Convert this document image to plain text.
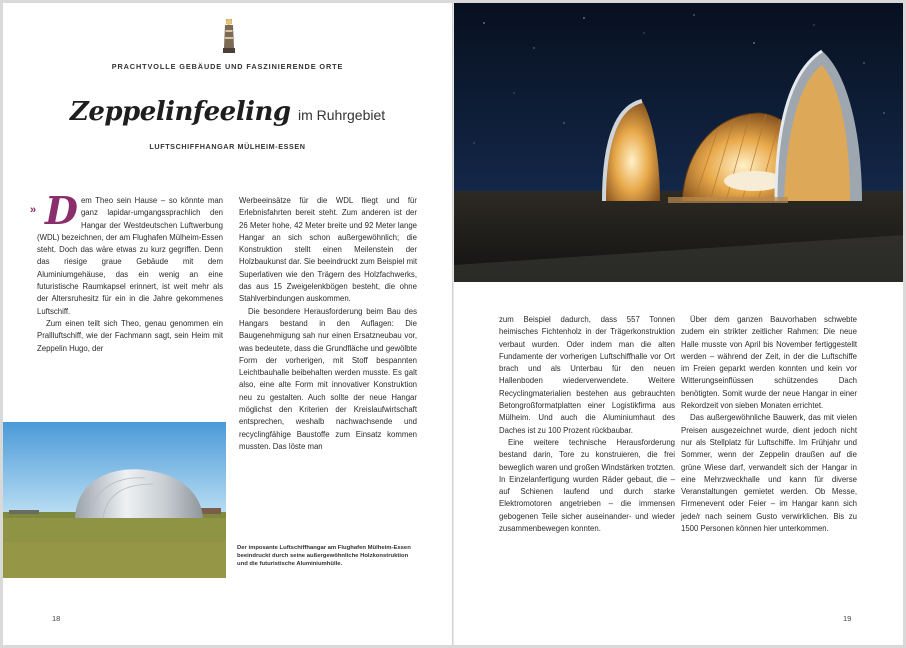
PRACHTVOLLE GEBÄUDE UND FASZINIERENDE ORTE
Zeppelinfeeling im Ruhrgebiet
LUFTSCHIFFHANGAR MÜLHEIM-ESSEN
» Dem Theo sein Hause – so könnte man ganz lapidar-umgangssprachlich den Hangar der Westdeutschen Luftwerbung (WDL) bezeichnen, der am Flughafen Mülheim-Essen steht. Doch das wäre etwas zu kurz gegriffen. Denn das riesige graue Gebäude mit dem Aluminiumgehäuse, das ein wenig an eine futuristische Raumkapsel erinnert, ist weit mehr als der Altersruhesitz für ein in die Jahre gekommenes Luftschiff.

Zum einen teilt sich Theo, genau genommen ein Prallluftschiff, wie der Fachmann sagt, sein Heim mit Zeppelin Hugo, der

Werbeeinsätze für die WDL fliegt und für Erlebnisfahrten bereit steht. Zum anderen ist der 26 Meter hohe, 42 Meter breite und 92 Meter lange Hangar an sich schon außergewöhnlich; die Konstruktion stellt einen Meilenstein der Holzbaukunst dar. Sie beeindruckt zum Beispiel mit Superlativen wie den Trägern des Holzfachwerks, das aus 15 Zweigelenkbögen besteht, die ohne Stahlverbindungen auskommen.

Die besondere Herausforderung beim Bau des Hangars bestand in den Auflagen: Die Baugenehmigung sah nur einen Ersatzneubau vor, was bedeutete, dass die Grundfläche und gewölbte Form der vorherigen, mit Stoff bespannten Leichtbauhalle beibehalten werden musste. Es galt also, eine alte Form mit innovativer Konstruktion neu zu gestalten. Auch sollte der neue Hangar möglichst den Kriterien der Kreislaufwirtschaft entsprechen, weshalb nachwachsende und recyclingfähige Baustoffe zum Einsatz kommen mussten. Das löste man

Der imposante Luftschiffhangar am Flughafen Mülheim-Essen beeindruckt durch seine außergewöhnliche Holzkonstruktion und die futuristische Aluminiumhülle.
18

zum Beispiel dadurch, dass 557 Tonnen heimisches Fichtenholz in der Trägerkonstruktion verbaut wurden. Oder indem man die alten Fundamente der vorherigen Luftschiffhalle vor Ort brach und als Unterbau für den neuen Hallenboden wiederverwendete. Weitere Recyclingmaterialien bestehen aus gebrauchten Betongroßformatplatten einer Logistikfirma aus Mülheim. Und auch die Aluminiumhaut des Daches ist zu 100 Prozent rückbaubar.

Eine weitere technische Herausforderung bestand darin, Tore zu konstruieren, die frei beweglich waren und großen Windstärken trotzten. In Einzelanfertigung wurden Räder gebaut, die – auf Schienen laufend und durch starke Elektromotoren angetrieben – die immensen gebogenen Teile sicher auseinander- und wieder zusammenbewegen konnten.

Über dem ganzen Bauvorhaben schwebte zudem ein strikter zeitlicher Rahmen: Die neue Halle musste von April bis November fertiggestellt werden – während der Zeit, in der die Luftschiffe im Freien geparkt werden konnten und kein vor Witterungseinflüssen schützendes Dach benötigten. Somit wurde der neue Hangar in einer Rekordzeit von sieben Monaten errichtet.

Das außergewöhnliche Bauwerk, das mit vielen Preisen ausgezeichnet wurde, dient jedoch nicht nur als Stellplatz für Luftschiffe. Im Frühjahr und Sommer, wenn der Zeppelin draußen auf die grüne Wiese darf, verwandelt sich der Hangar in eine Mehrzweckhalle und kann für diverse Veranstaltungen gemietet werden. Ob Messe, Firmenevent oder Feier – im Hangar kann sich jede/r nach seinem Gusto verwirklichen. Bis zu 1500 Personen können hier unterkommen.

19
